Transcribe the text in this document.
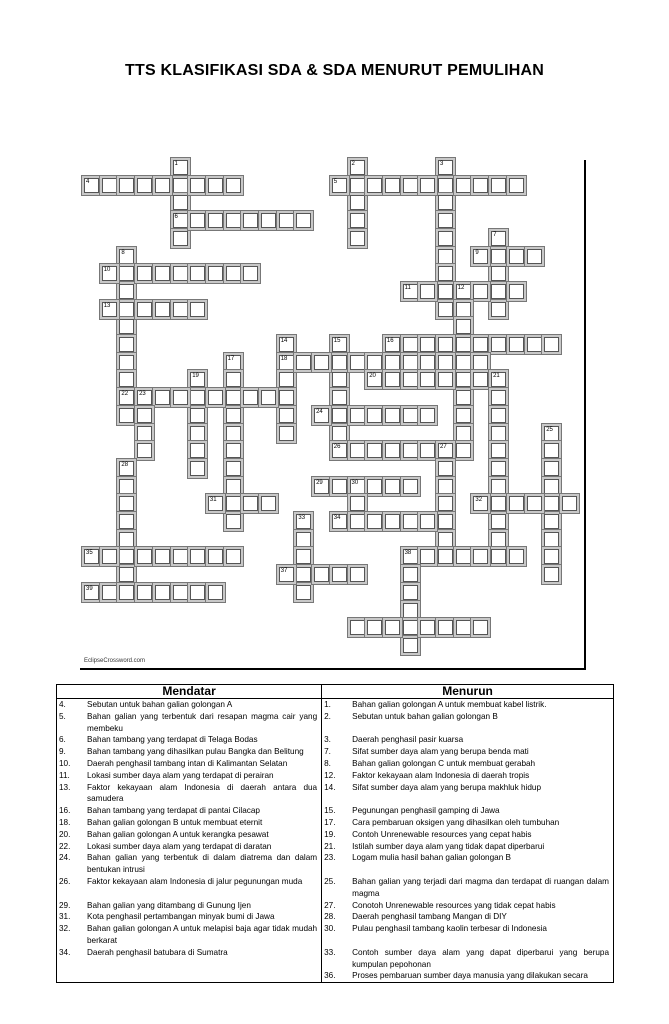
TTS KLASIFIKASI SDA & SDA MENURUT PEMULIHAN
1
6
4
2	3
5
7
9
8
22
10
11	12
13
14
18
15	16
17
19	20	21
23
24
25
26	27
28
29	30
31	32
33	34
35	38
37
39
EclipseCrossword.com
Mendatar		Menurun	
4.	Sebutan untuk bahan galian golongan A	1.	Bahan galian golongan A untuk membuat kabel listrik.
5.	Bahan galian yang terbentuk dari resapan magma cair yang membeku	2.	Sebutan untuk bahan galian golongan B
6.	Bahan tambang yang terdapat di Telaga Bodas	3.	Daerah penghasil pasir kuarsa
9.	Bahan tambang yang dihasilkan pulau Bangka dan Belitung	7.	Sifat sumber daya alam yang berupa benda mati
10.	Daerah penghasil tambang intan di Kalimantan Selatan	8.	Bahan galian golongan C untuk membuat gerabah
11.	Lokasi sumber daya alam yang terdapat di perairan	12.	Faktor kekayaan alam Indonesia di daerah tropis
13.	Faktor kekayaan alam Indonesia di daerah antara dua samudera	14.	Sifat sumber daya alam yang berupa makhluk hidup
16.	Bahan tambang yang terdapat di pantai Cilacap	15.	Pegunungan penghasil gamping di Jawa
18.	Bahan galian golongan B untuk membuat eternit	17.	Cara pembaruan oksigen yang dihasilkan oleh tumbuhan
20.	Bahan galian golongan A untuk kerangka pesawat	19.	Contoh Unrenewable resources yang cepat habis
22.	Lokasi sumber daya alam yang terdapat di daratan	21.	Istilah sumber daya alam yang tidak dapat diperbarui
24.	Bahan galian yang terbentuk di dalam diatrema dan dalam bentukan intrusi	23.	Logam mulia hasil bahan galian golongan B
26.	Faktor kekayaan alam Indonesia di jalur pegunungan muda	25.	Bahan galian yang terjadi dari magma dan terdapat di ruangan dalam magma
29.	Bahan galian yang ditambang di Gunung Ijen	27.	Conotoh Unrenewable resources yang tidak cepat habis
31.	Kota penghasil pertambangan minyak bumi di Jawa	28.	Daerah penghasil tambang Mangan di DIY
32.	Bahan galian golongan A untuk melapisi baja agar tidak mudah berkarat	30.	Pulau penghasil tambang kaolin terbesar di Indonesia
34.	Daerah penghasil batubara di Sumatra	33.	Contoh sumber daya alam yang dapat diperbarui yang berupa kumpulan pepohonan
		36.	Proses pembaruan sumber daya manusia yang dilakukan secara
